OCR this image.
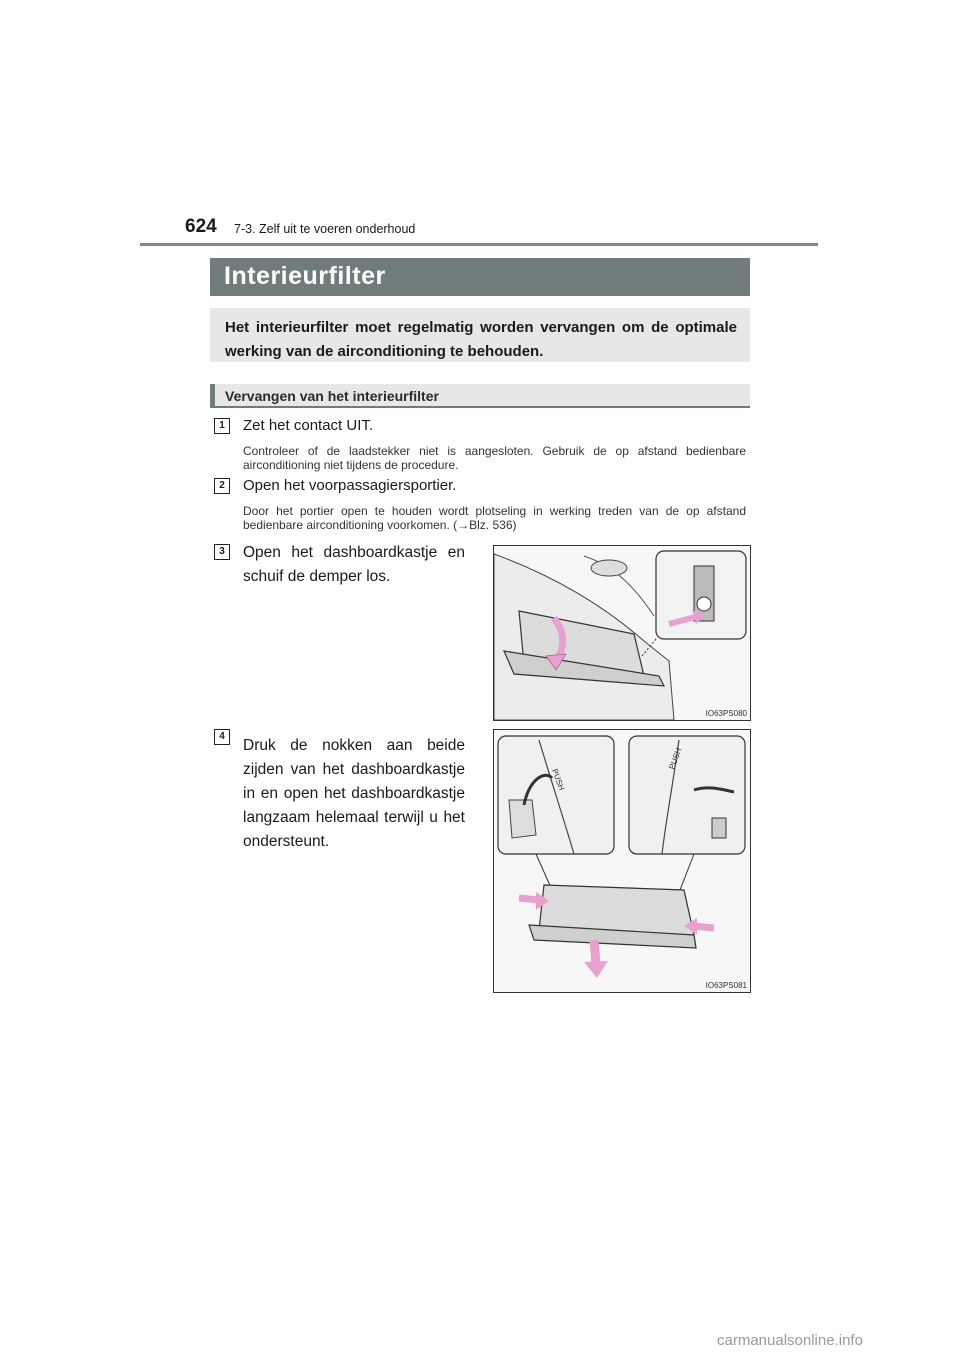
624 7-3. Zelf uit te voeren onderhoud
Interieurfilter

Het interieurfilter moet regelmatig worden vervangen om de optimale werking van de airconditioning te behouden.

Vervangen van het interieurfilter
1	Zet het contact UIT.
Controleer of de laadstekker niet is aangesloten. Gebruik de op afstand bedienbare airconditioning niet tijdens de procedure.
2	Open het voorpassagiersportier.
Door het portier open te houden wordt plotseling in werking treden van de op afstand bedienbare airconditioning voorkomen. (→Blz. 536)
3	Open het dashboardkastje en schuif de demper los.
IO63PS080
4
Druk de nokken aan beide zijden van het dashboardkastje in en open het dashboardkastje langzaam helemaal terwijl u het ondersteunt.
PUSH
PUSH
IO63PS081
carmanualsonline.info
